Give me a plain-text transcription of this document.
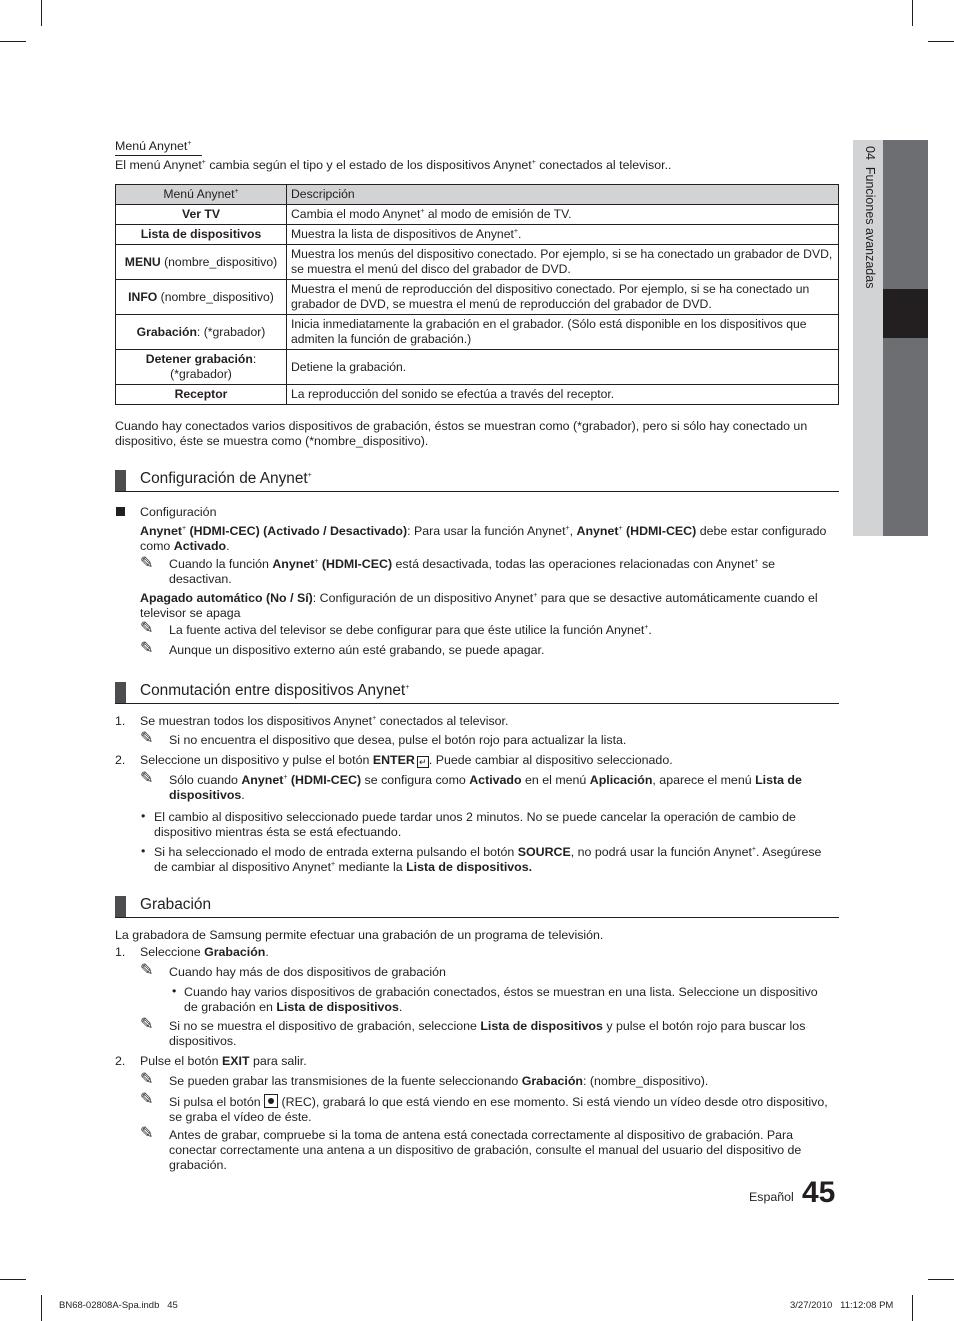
04  Funciones avanzadas
Menú Anynet+
El menú Anynet+ cambia según el tipo y el estado de los dispositivos Anynet+ conectados al televisor..
Menú Anynet+	Descripción
Ver TV	Cambia el modo Anynet+ al modo de emisión de TV.
Lista de dispositivos	Muestra la lista de dispositivos de Anynet+.
MENU (nombre_dispositivo)	Muestra los menús del dispositivo conectado. Por ejemplo, si se ha conectado un grabador de DVD, se muestra el menú del disco del grabador de DVD.
INFO (nombre_dispositivo)	Muestra el menú de reproducción del dispositivo conectado. Por ejemplo, si se ha conectado un grabador de DVD, se muestra el menú de reproducción del grabador de DVD.
Grabación: (*grabador)	Inicia inmediatamente la grabación en el grabador. (Sólo está disponible en los dispositivos que admiten la función de grabación.)
Detener grabación: (*grabador)	Detiene la grabación.
Receptor	La reproducción del sonido se efectúa a través del receptor.
Cuando hay conectados varios dispositivos de grabación, éstos se muestran como (*grabador), pero si sólo hay conectado un dispositivo, éste se muestra como (*nombre_dispositivo).
Configuración de Anynet+
Configuración
Anynet+ (HDMI-CEC) (Activado / Desactivado): Para usar la función Anynet+, Anynet+ (HDMI-CEC) debe estar configurado como Activado.
✎ Cuando la función Anynet+ (HDMI-CEC) está desactivada, todas las operaciones relacionadas con Anynet+ se desactivan.
Apagado automático (No / Sí): Configuración de un dispositivo Anynet+ para que se desactive automáticamente cuando el televisor se apaga
✎ La fuente activa del televisor se debe configurar para que éste utilice la función Anynet+.
✎ Aunque un dispositivo externo aún esté grabando, se puede apagar.
Conmutación entre dispositivos Anynet+
1. Se muestran todos los dispositivos Anynet+ conectados al televisor.
✎ Si no encuentra el dispositivo que desea, pulse el botón rojo para actualizar la lista.
2. Seleccione un dispositivo y pulse el botón ENTER ↵ . Puede cambiar al dispositivo seleccionado.
✎ Sólo cuando Anynet+ (HDMI-CEC) se configura como Activado en el menú Aplicación, aparece el menú Lista de dispositivos.
• El cambio al dispositivo seleccionado puede tardar unos 2 minutos. No se puede cancelar la operación de cambio de dispositivo mientras ésta se está efectuando.
• Si ha seleccionado el modo de entrada externa pulsando el botón SOURCE, no podrá usar la función Anynet+. Asegúrese de cambiar al dispositivo Anynet+ mediante la Lista de dispositivos.
Grabación
La grabadora de Samsung permite efectuar una grabación de un programa de televisión.
1. Seleccione Grabación.
✎ Cuando hay más de dos dispositivos de grabación
• Cuando hay varios dispositivos de grabación conectados, éstos se muestran en una lista. Seleccione un dispositivo de grabación en Lista de dispositivos.
✎ Si no se muestra el dispositivo de grabación, seleccione Lista de dispositivos y pulse el botón rojo para buscar los dispositivos.
2. Pulse el botón EXIT para salir.
✎ Se pueden grabar las transmisiones de la fuente seleccionando Grabación: (nombre_dispositivo).
✎ Si pulsa el botón
(REC), grabará lo que está viendo en ese momento. Si está viendo un vídeo desde otro dispositivo, se graba el vídeo de éste.
✎ Antes de grabar, compruebe si la toma de antena está conectada correctamente al dispositivo de grabación. Para conectar correctamente una antena a un dispositivo de grabación, consulte el manual del usuario del dispositivo de grabación.
Español 45
BN68-02808A-Spa.indb   45	3/27/2010   11:12:08 PM
